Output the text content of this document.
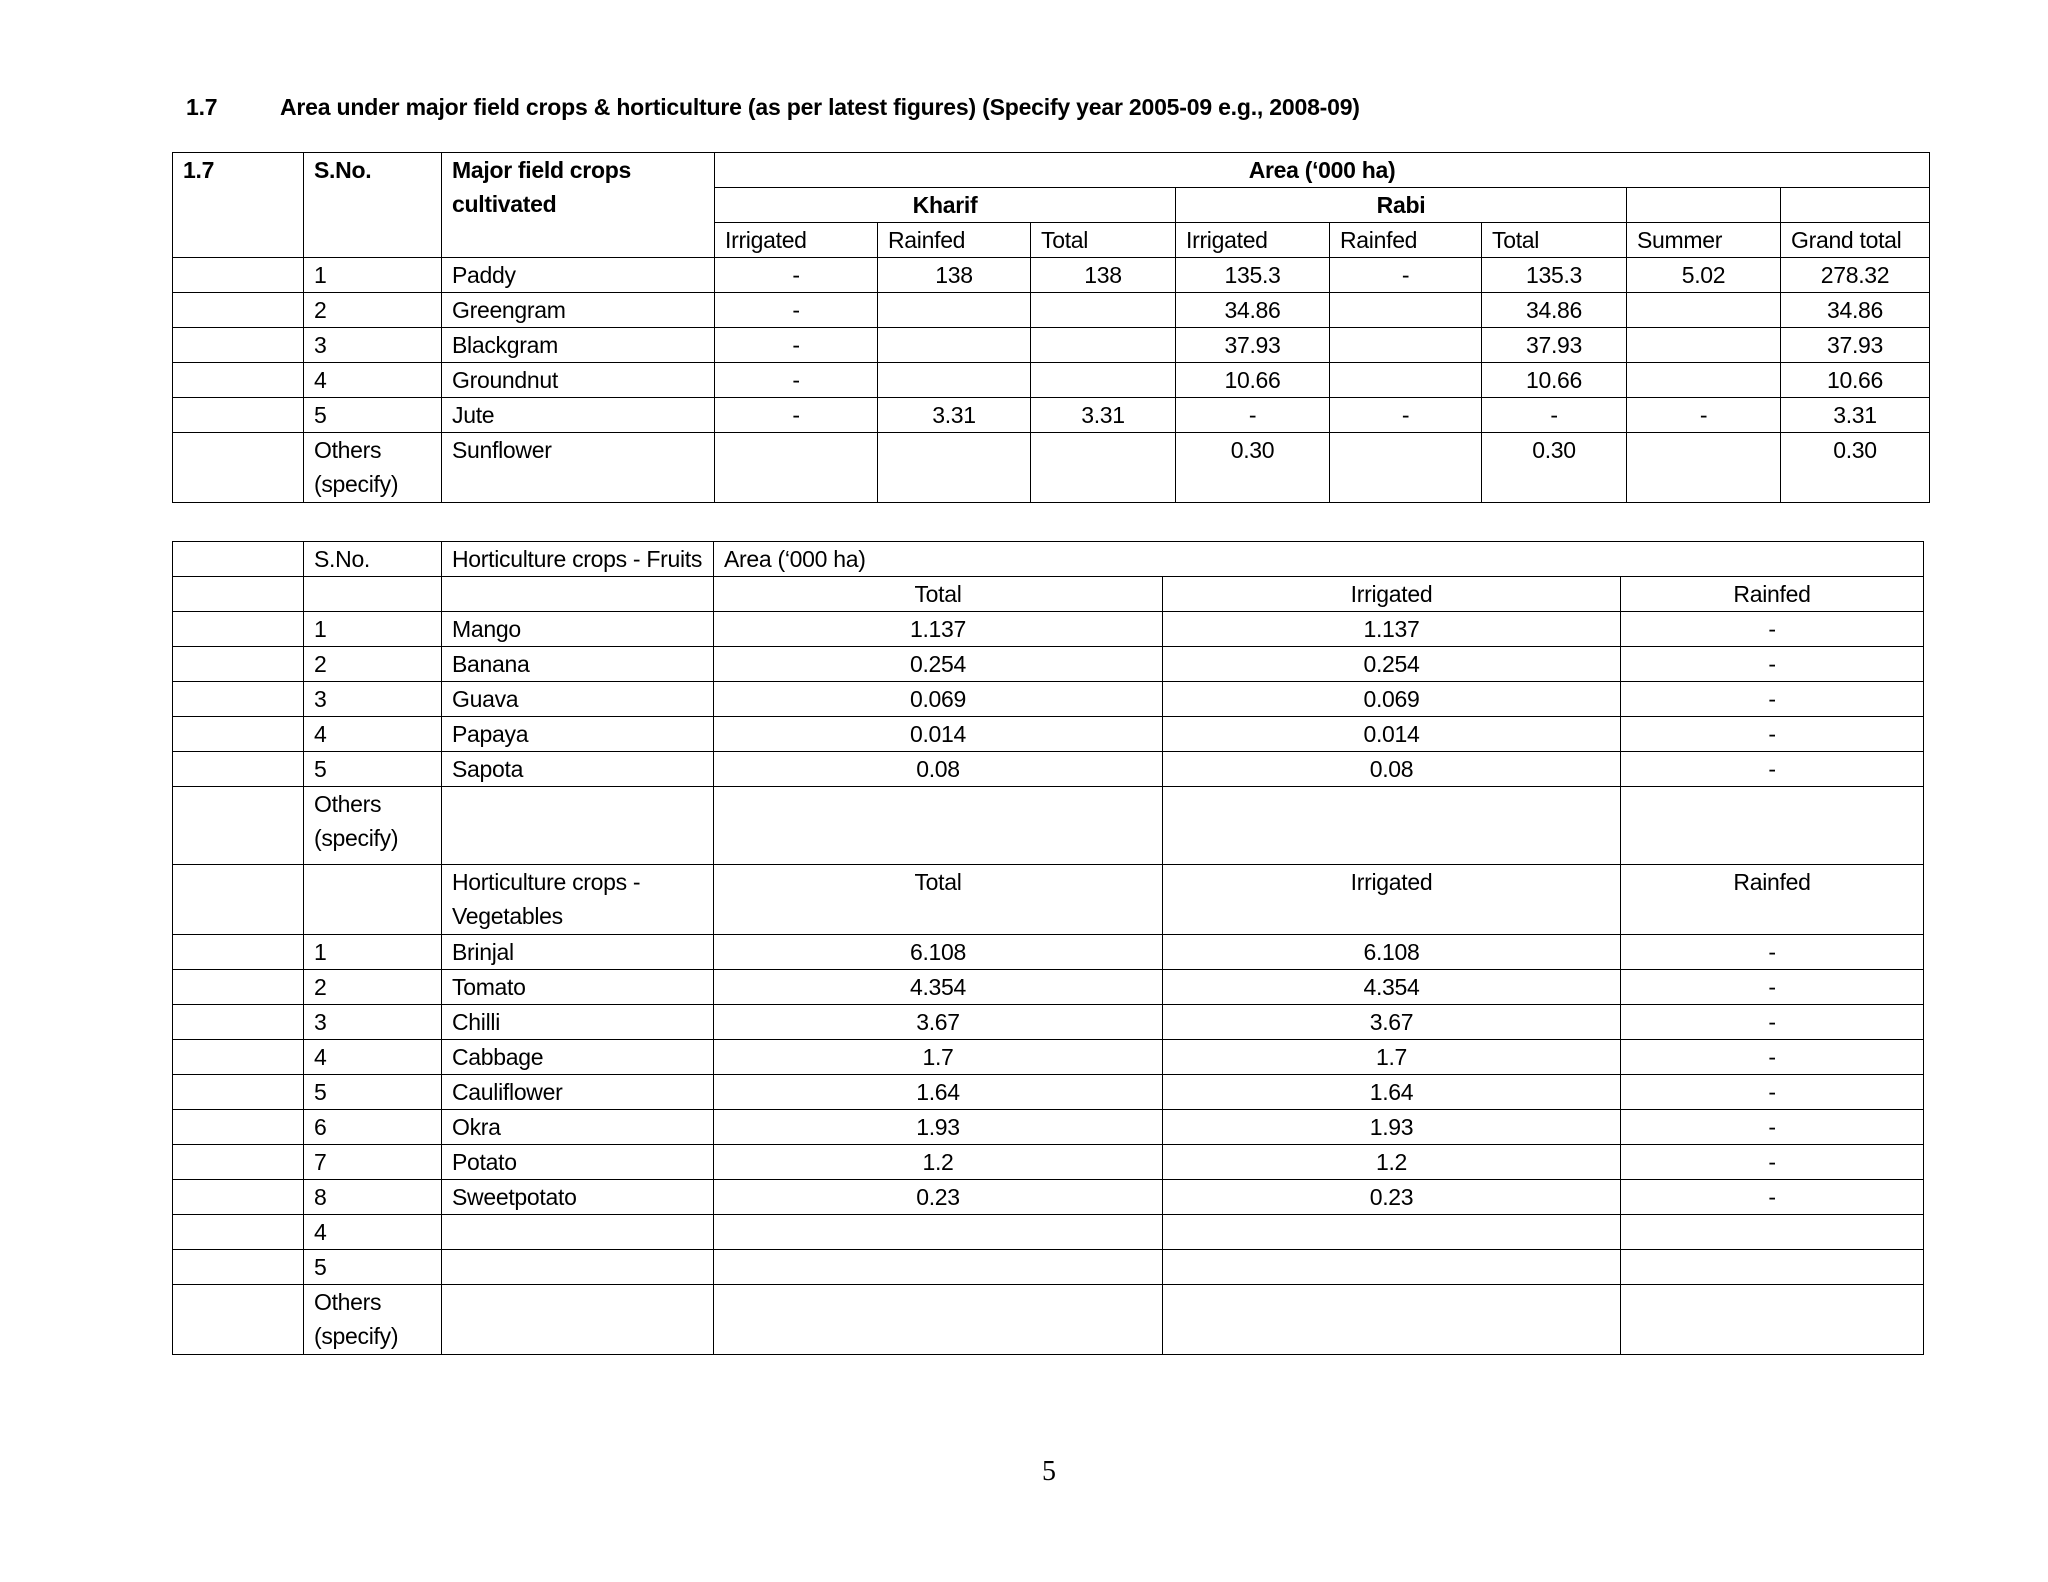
1.7	Area under major field crops & horticulture (as per latest figures) (Specify year 2005-09 e.g., 2008-09)
1.7	S.No.	Major field crops cultivated	Area (‘000 ha)							
			Kharif			Rabi				
			Irrigated	Rainfed	Total	Irrigated	Rainfed	Total	Summer	Grand total
	1	Paddy	-	138	138	135.3	-	135.3	5.02	278.32
	2	Greengram	-			34.86		34.86		34.86
	3	Blackgram	-			37.93		37.93		37.93
	4	Groundnut	-			10.66		10.66		10.66
	5	Jute	-	3.31	3.31	-	-	-	-	3.31
	Others (specify)	Sunflower				0.30		0.30		0.30
	S.No.	Horticulture crops - Fruits	Area (‘000 ha)		
			Total	Irrigated	Rainfed
	1	Mango	1.137	1.137	-
	2	Banana	0.254	0.254	-
	3	Guava	0.069	0.069	-
	4	Papaya	0.014	0.014	-
	5	Sapota	0.08	0.08	-
	Others (specify)				
		Horticulture crops - Vegetables	Total	Irrigated	Rainfed
	1	Brinjal	6.108	6.108	-
	2	Tomato	4.354	4.354	-
	3	Chilli	3.67	3.67	-
	4	Cabbage	1.7	1.7	-
	5	Cauliflower	1.64	1.64	-
	6	Okra	1.93	1.93	-
	7	Potato	1.2	1.2	-
	8	Sweetpotato	0.23	0.23	-
	4				
	5				
	Others (specify)				
5
